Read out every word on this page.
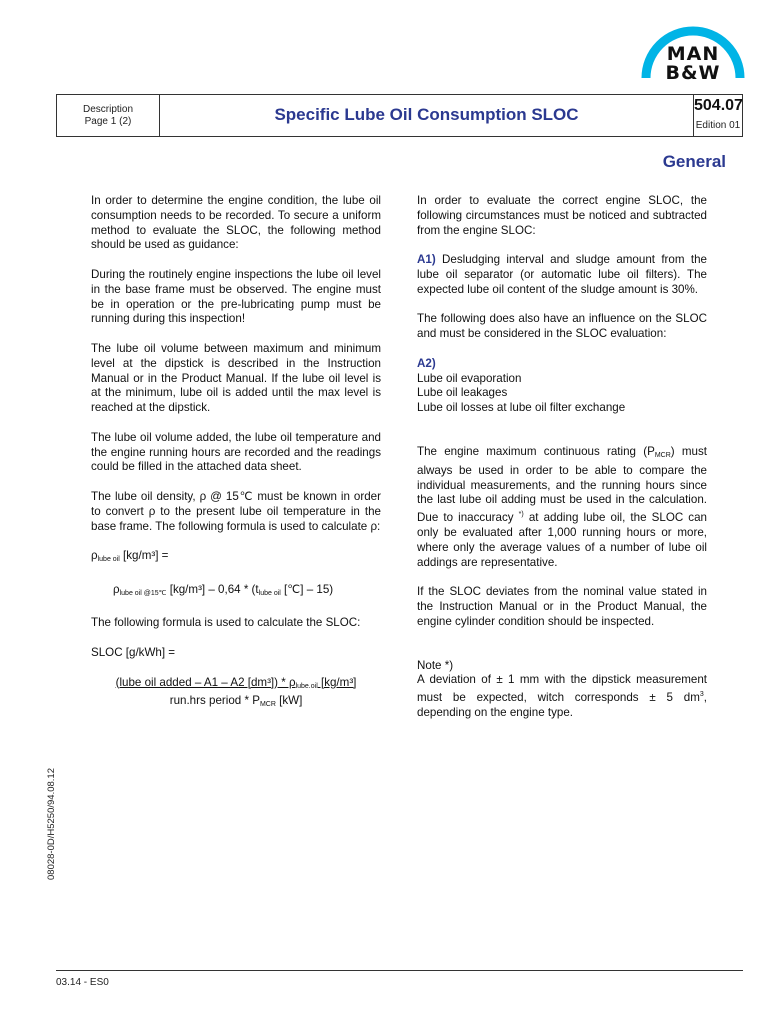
MAN
B&W
Description
Page 1 (2)	Specific Lube Oil Consumption SLOC	504.07
Edition 01
General

In order to determine the engine condition, the lube oil consumption needs to be recorded. To secure a uniform method to evaluate the SLOC, the following method should be used as guidance:

During the routinely engine inspections the lube oil level in the base frame must be observed. The engine must be in operation or the pre-lubricating pump must be running during this inspection!

The lube oil volume between maximum and minimum level at the dipstick is described in the Instruction Manual or in the Product Manual. If the lube oil level is at the minimum, lube oil is added until the max level is reached at the dipstick.

The lube oil volume added, the lube oil temperature and the engine running hours are recorded and the readings could be filled in the attached data sheet.

The lube oil density, ρ @ 15℃ must be known in order to convert ρ to the present lube oil temperature in the base frame. The following formula is used to calculate ρ:

$\rho_{lube oil}$ [kg/m³] =

$\rho_{lube oil @15℃}$ $[kg/m^3] - 0,64 * (t_{lube oil}$ [℃] – 15)

The following formula is used to calculate the SLOC:

SLOC [g/kWh] =

(lube oil added – A1 – A2 $[dm^3]) * \rho_{lube oil}$ [kg/m³]
run.hrs period * $P_{MCR}$ [kW]

In order to evaluate the correct engine SLOC, the following circumstances must be noticed and subtracted from the engine SLOC:

A1) Desludging interval and sludge amount from the lube oil separator (or automatic lube oil filters). The expected lube oil content of the sludge amount is 30%.

The following does also have an influence on the SLOC and must be considered in the SLOC evaluation:

A2)
Lube oil evaporation
Lube oil leakages
Lube oil losses at lube oil filter exchange

The engine maximum continuous rating $(P_{MCR})$ must always be used in order to be able to compare the individual measurements, and the running hours since the last lube oil adding must be used in the calculation. Due to inaccuracy *) at adding lube oil, the SLOC can only be evaluated after 1,000 running hours or more, where only the average values of a number of lube oil addings are representative.

If the SLOC deviates from the nominal value stated in the Instruction Manual or in the Product Manual, the engine cylinder condition should be inspected.

Note *)
A deviation of ± 1 mm with the dipstick measurement must be expected, witch corresponds ± 5 $dm^3$, depending on the engine type.
08028-0D/H5250/94.08.12
03.14 - ES0
